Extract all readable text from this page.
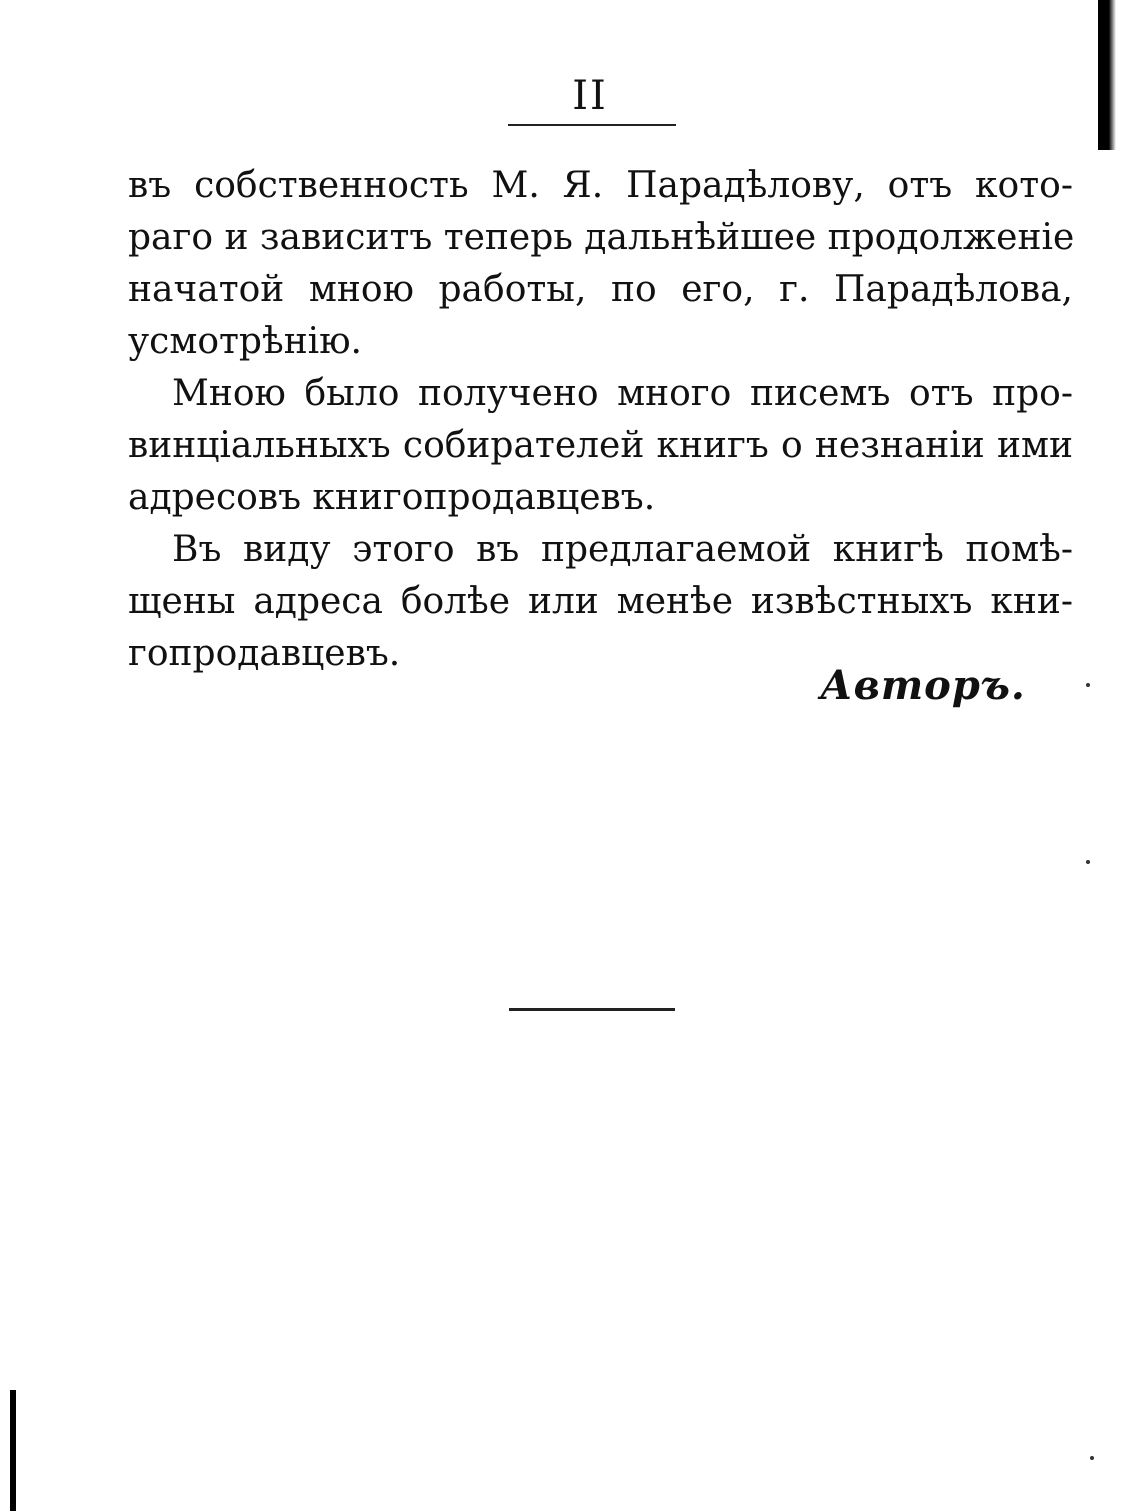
II
въ собственность М. Я. Парадѣлову, отъ кото-
раго и зависитъ теперь дальнѣйшее продолженіе
начатой мною работы, по его, г. Парадѣлова,
усмотрѣнію.
Мною было получено много писемъ отъ про-
винціальныхъ собирателей книгъ о незнаніи ими
адресовъ книгопродавцевъ.
Въ виду этого въ предлагаемой книгѣ помѣ-
щены адреса болѣе или менѣе извѣстныхъ кни-
гопродавцевъ.
Авторъ.
